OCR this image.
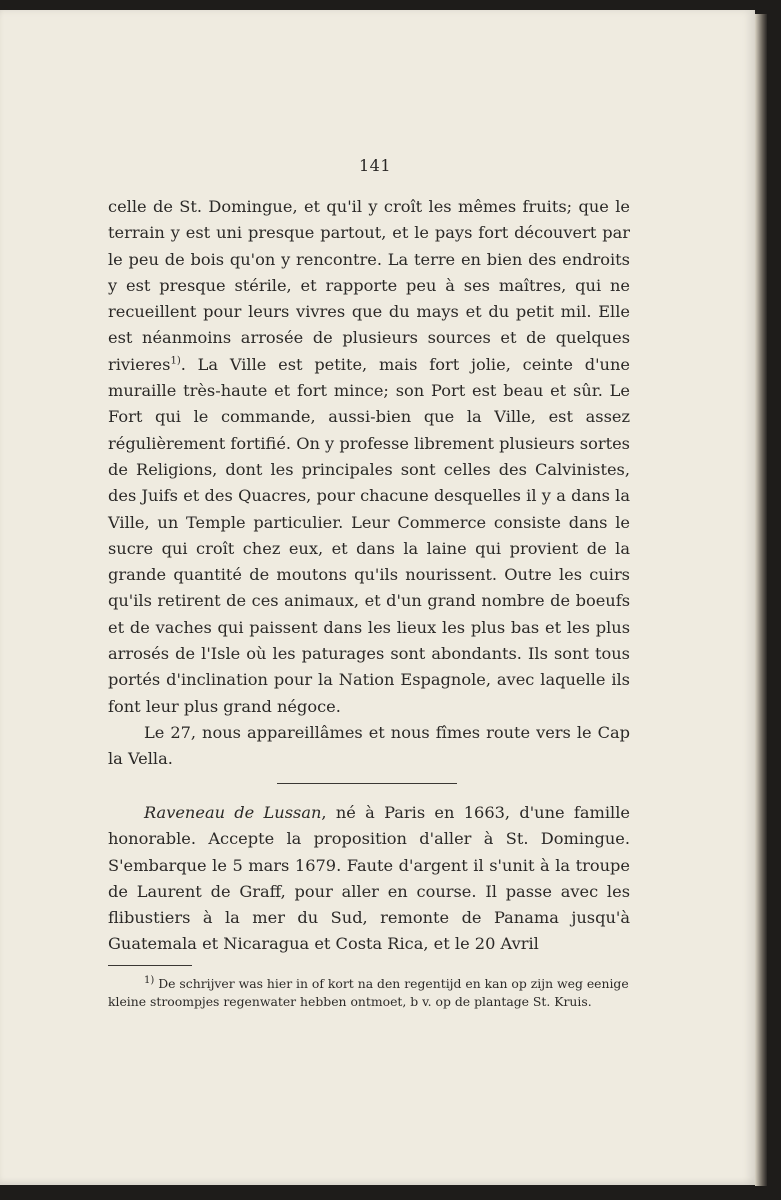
141

celle de St. Domingue, et qu'il y croît les mêmes fruits; que le terrain y est uni presque partout, et le pays fort découvert par le peu de bois qu'on y rencontre. La terre en bien des endroits y est presque stérile, et rapporte peu à ses maîtres, qui ne recueillent pour leurs vivres que du mays et du petit mil. Elle est néanmoins arrosée de plusieurs sources et de quelques rivieres$^{1)}$. La Ville est petite, mais fort jolie, ceinte d'une muraille très-haute et fort mince; son Port est beau et sûr. Le Fort qui le commande, aussi-bien que la Ville, est assez régulièrement fortifié. On y professe librement plusieurs sortes de Religions, dont les principales sont celles des Calvinistes, des Juifs et des Quacres, pour chacune desquelles il y a dans la Ville, un Temple particulier. Leur Commerce consiste dans le sucre qui croît chez eux, et dans la laine qui provient de la grande quantité de moutons qu'ils nourissent. Outre les cuirs qu'ils retirent de ces animaux, et d'un grand nombre de boeufs et de vaches qui paissent dans les lieux les plus bas et les plus arrosés de l'Isle où les paturages sont abondants. Ils sont tous portés d'inclination pour la Nation Espagnole, avec laquelle ils font leur plus grand négoce.

Le 27, nous appareillâmes et nous fîmes route vers le Cap la Vella.

Raveneau de Lussan, né à Paris en 1663, d'une famille honorable. Accepte la proposition d'aller à St. Domingue. S'embarque le 5 mars 1679. Faute d'argent il s'unit à la troupe de Laurent de Graff, pour aller en course. Il passe avec les flibustiers à la mer du Sud, remonte de Panama jusqu'à Guatemala et Nicaragua et Costa Rica, et le 20 Avril

$^{1)}$ De schrijver was hier in of kort na den regentijd en kan op zijn weg eenige kleine stroompjes regenwater hebben ontmoet, b v. op de plantage St. Kruis.
